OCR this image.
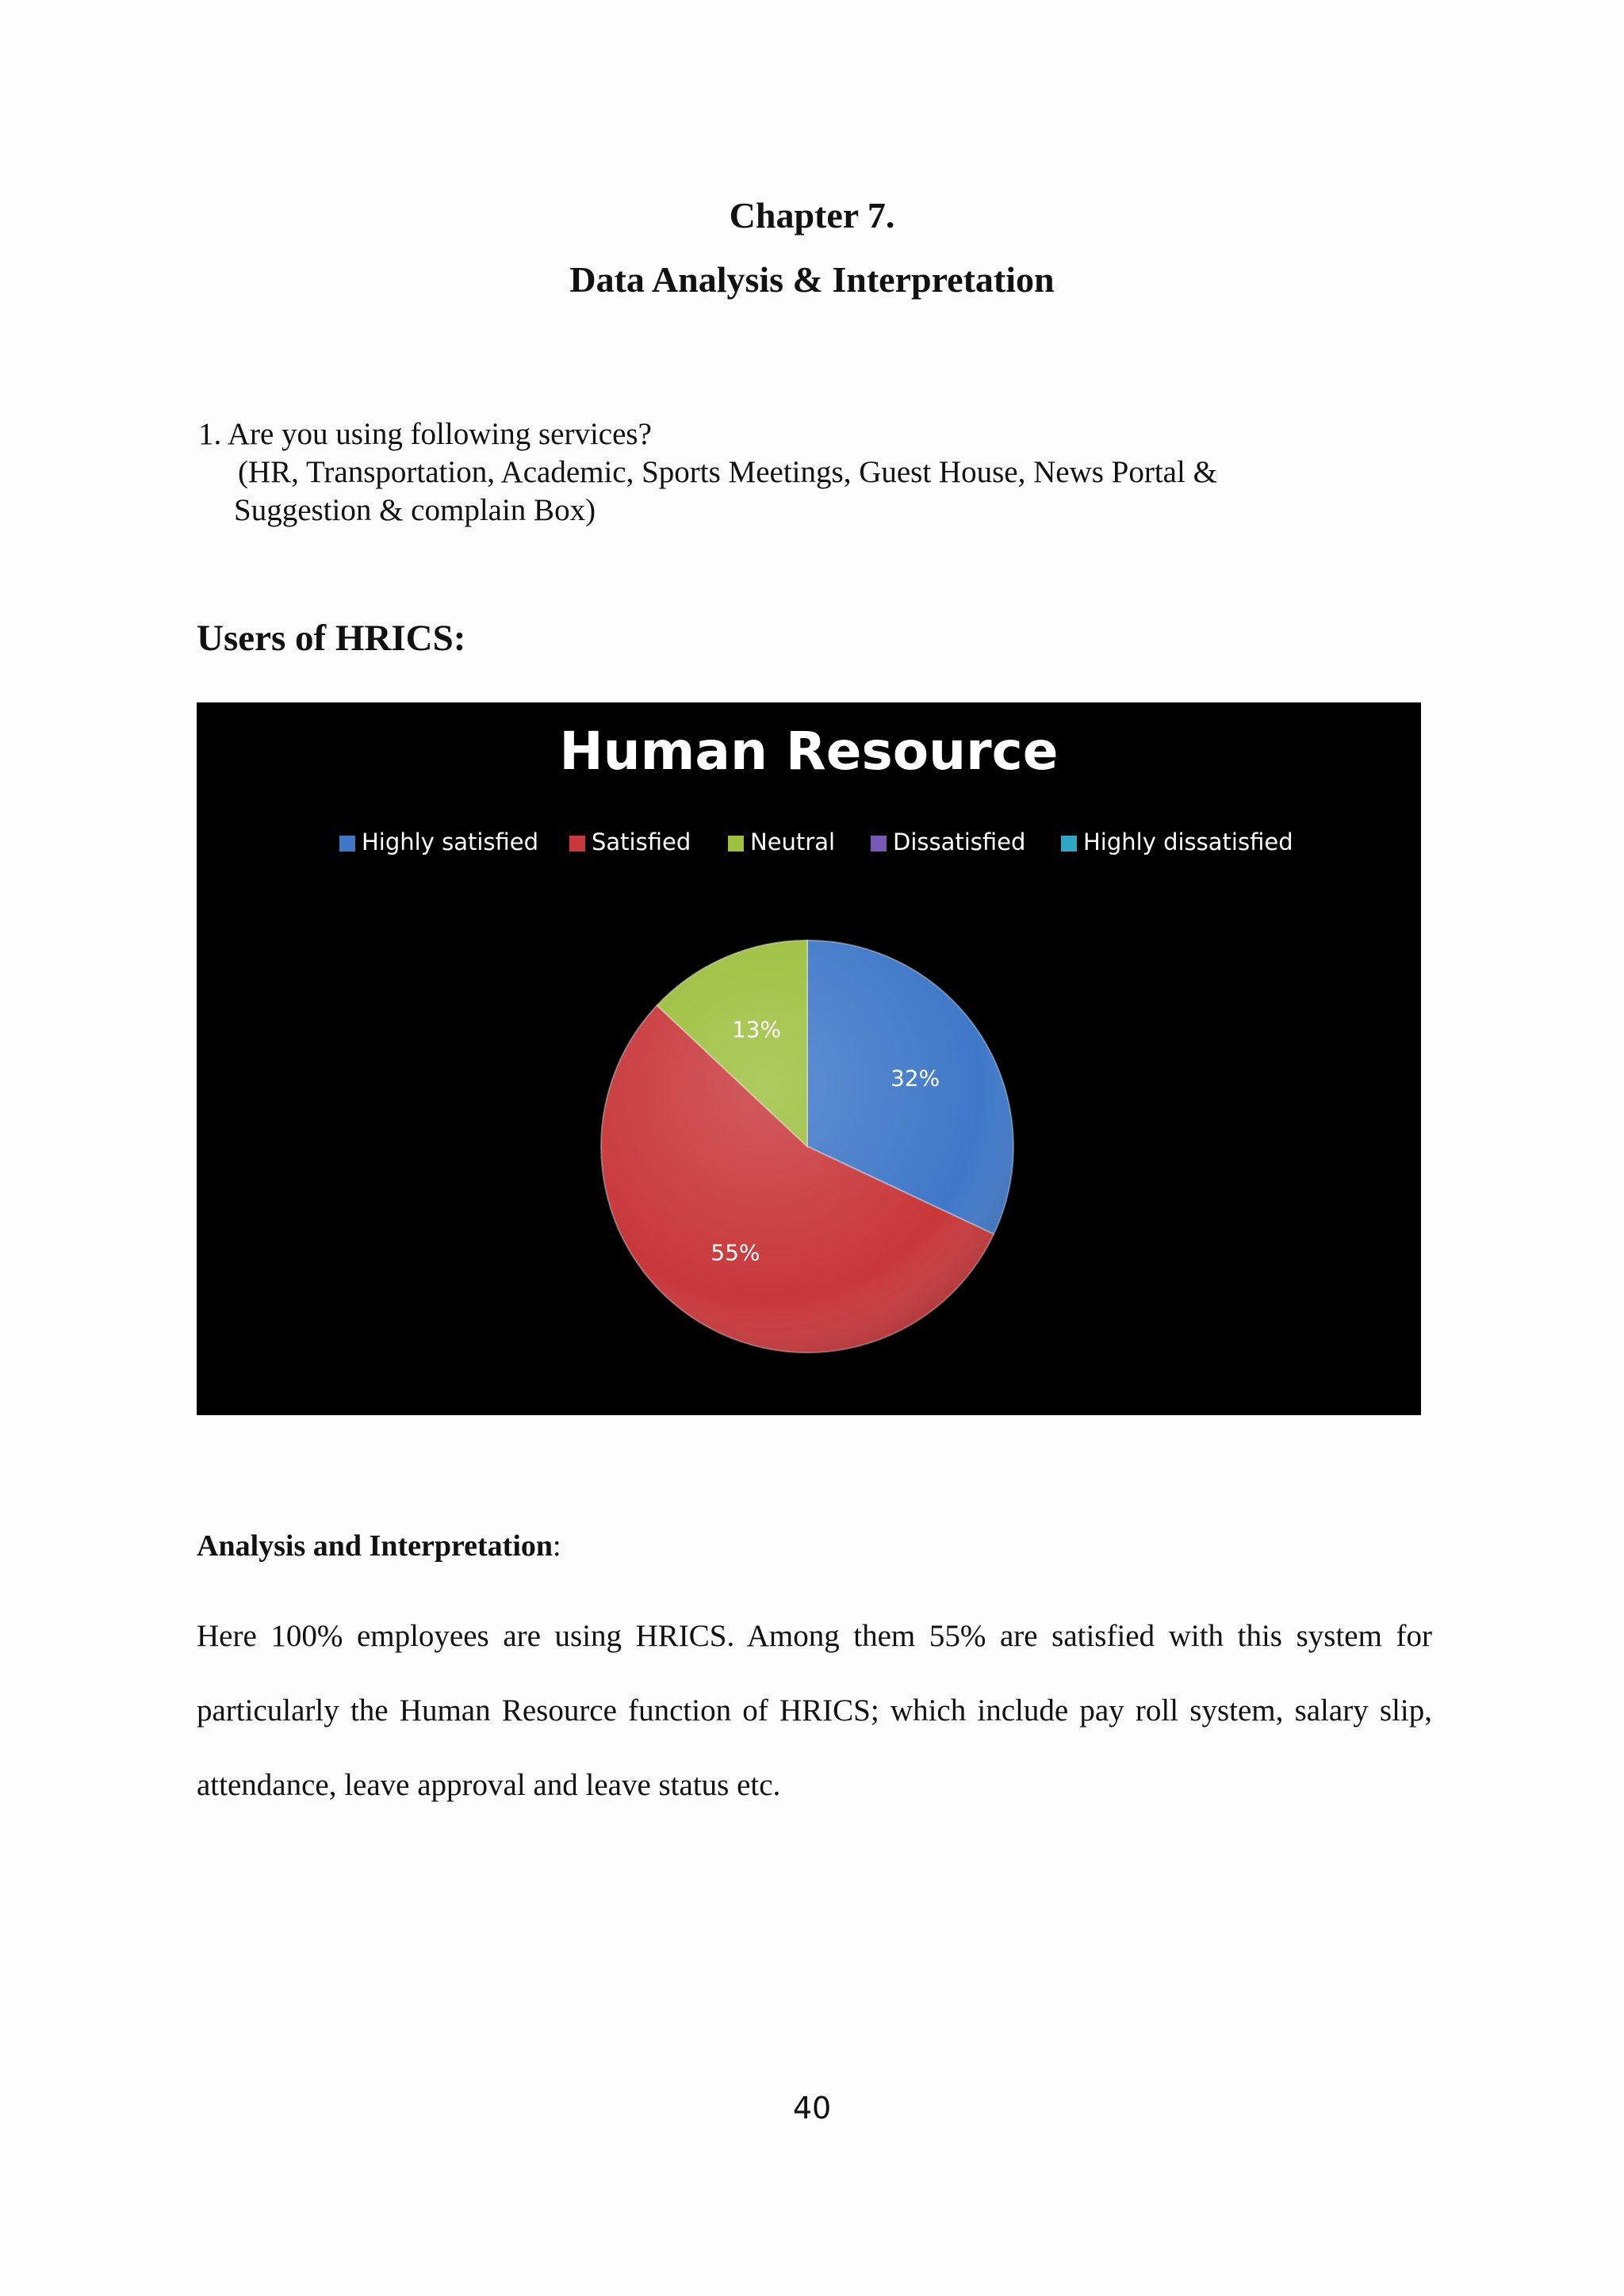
Chapter 7.
Data Analysis & Interpretation
1. Are you using following services?
(HR, Transportation, Academic, Sports Meetings, Guest House, News Portal &
Suggestion & complain Box)
Users of HRICS:
Human Resource
Highly satisfied Satisfied	Neutral	Dissatisfied	Highly dissatisfied
32%
55%
13%
Analysis and Interpretation:
Here 100% employees are using HRICS. Among them 55% are satisfied with this system for particularly the Human Resource function of HRICS; which include pay roll system, salary slip, attendance, leave approval and leave status etc.
40
